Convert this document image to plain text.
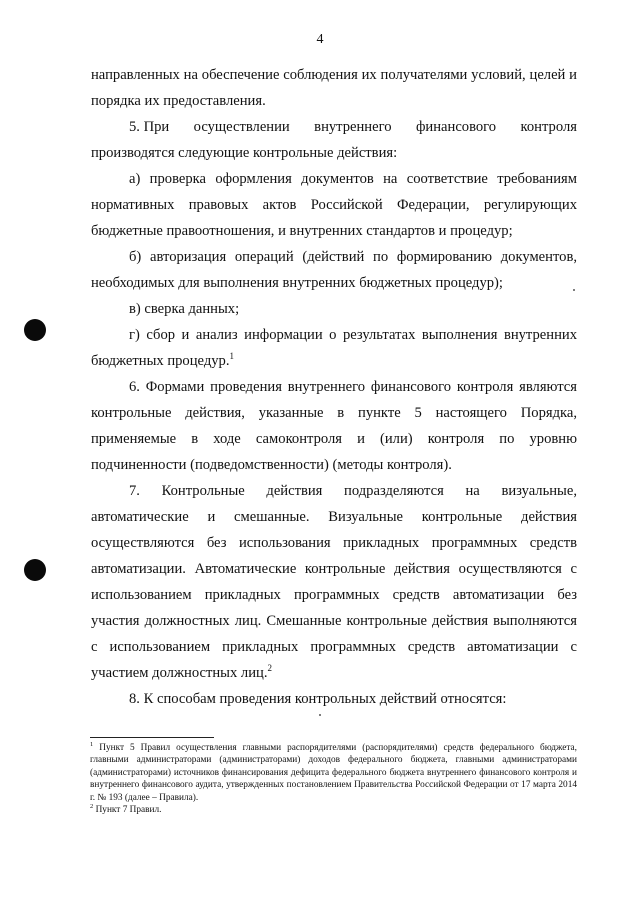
4

направленных на обеспечение соблюдения их получателями условий, целей и порядка их предоставления.

5. При осуществлении внутреннего финансового контроля

производятся следующие контрольные действия:

а) проверка оформления документов на соответствие требованиям нормативных правовых актов Российской Федерации, регулирующих бюджетные правоотношения, и внутренних стандартов и процедур;

б) авторизация операций (действий по формированию документов, необходимых для выполнения внутренних бюджетных процедур);

в) сверка данных;

г) сбор и анализ информации о результатах выполнения внутренних бюджетных процедур.$^1$

6. Формами проведения внутреннего финансового контроля являются контрольные действия, указанные в пункте 5 настоящего Порядка, применяемые в ходе самоконтроля и (или) контроля по уровню подчиненности (подведомственности) (методы контроля).

7. Контрольные действия подразделяются на визуальные, автоматические и смешанные. Визуальные контрольные действия осуществляются без использования прикладных программных средств автоматизации. Автоматические контрольные действия осуществляются с использованием прикладных программных средств автоматизации без участия должностных лиц. Смешанные контрольные действия выполняются с использованием прикладных программных средств автоматизации с участием должностных лиц.$^2$

8. К способам проведения контрольных действий относятся:

$^1$ Пункт 5 Правил осуществления главными распорядителями (распорядителями) средств федерального бюджета, главными администраторами (администраторами) доходов федерального бюджета, главными администраторами (администраторами) источников финансирования дефицита федерального бюджета внутреннего финансового контроля и внутреннего финансового аудита, утвержденных постановлением Правительства Российской Федерации от 17 марта 2014 г. № 193 (далее – Правила).

$^2$ Пункт 7 Правил.
